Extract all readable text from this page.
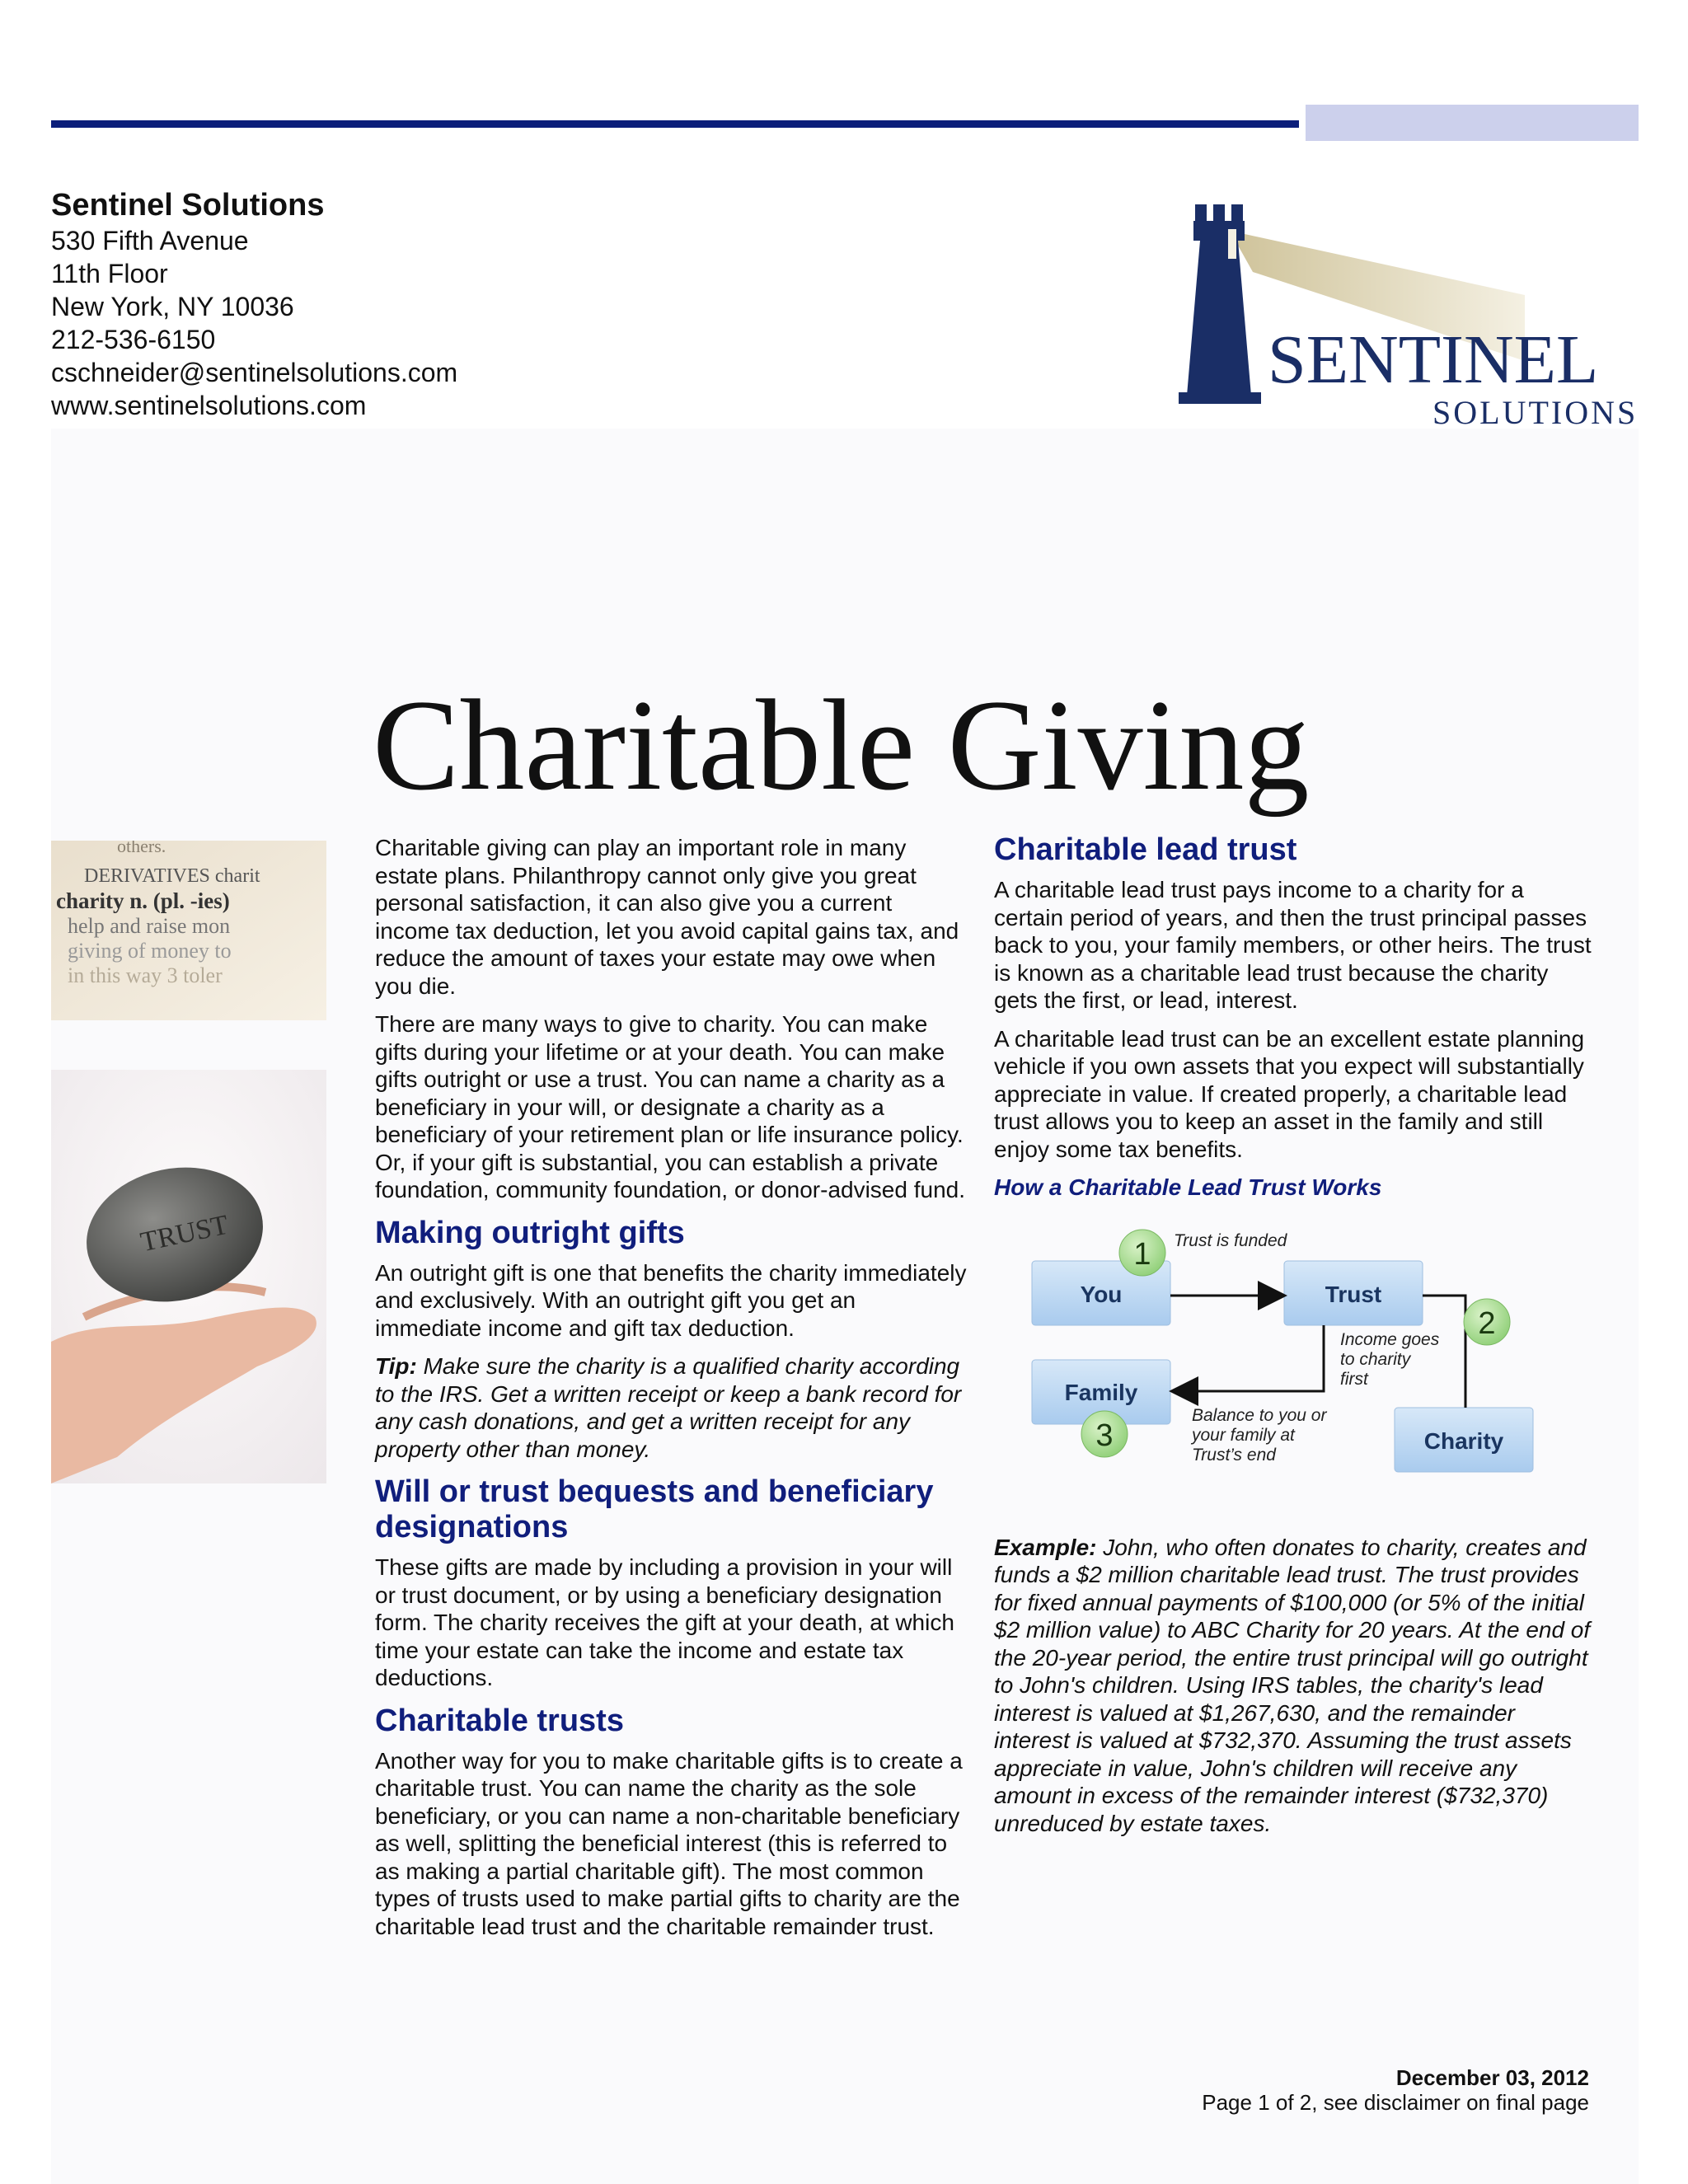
Sentinel Solutions
530 Fifth Avenue
11th Floor
New York, NY 10036
212-536-6150
cschneider@sentinelsolutions.com
www.sentinelsolutions.com
SENTINEL
SOLUTIONS
Charitable Giving
others.
DERIVATIVES charit
charity n. (pl. -ies)
help and raise mon
giving of money to
in this way 3 toler
TRUST

Charitable giving can play an important role in many estate plans. Philanthropy cannot only give you great personal satisfaction, it can also give you a current income tax deduction, let you avoid capital gains tax, and reduce the amount of taxes your estate may owe when you die.

There are many ways to give to charity. You can make gifts during your lifetime or at your death. You can make gifts outright or use a trust. You can name a charity as a beneficiary in your will, or designate a charity as a beneficiary of your retirement plan or life insurance policy. Or, if your gift is substantial, you can establish a private foundation, community foundation, or donor-advised fund.

Making outright gifts

An outright gift is one that benefits the charity immediately and exclusively. With an outright gift you get an immediate income and gift tax deduction.

Tip: Make sure the charity is a qualified charity according to the IRS. Get a written receipt or keep a bank record for any cash donations, and get a written receipt for any property other than money.

Will or trust bequests and beneficiary designations

These gifts are made by including a provision in your will or trust document, or by using a beneficiary designation form. The charity receives the gift at your death, at which time your estate can take the income and estate tax deductions.

Charitable trusts

Another way for you to make charitable gifts is to create a charitable trust. You can name the charity as the sole beneficiary, or you can name a non-charitable beneficiary as well, splitting the beneficial interest (this is referred to as making a partial charitable gift). The most common types of trusts used to make partial gifts to charity are the charitable lead trust and the charitable remainder trust.

Charitable lead trust

A charitable lead trust pays income to a charity for a certain period of years, and then the trust principal passes back to you, your family members, or other heirs. The trust is known as a charitable lead trust because the charity gets the first, or lead, interest.

A charitable lead trust can be an excellent estate planning vehicle if you own assets that you expect will substantially appreciate in value. If created properly, a charitable lead trust allows you to keep an asset in the family and still enjoy some tax benefits.

How a Charitable Lead Trust Works

Example: John, who often donates to charity, creates and funds a $2 million charitable lead trust. The trust provides for fixed annual payments of $100,000 (or 5% of the initial $2 million value) to ABC Charity for 20 years. At the end of the 20-year period, the entire trust principal will go outright to John's children. Using IRS tables, the charity's lead interest is valued at $1,267,630, and the remainder interest is valued at $732,370. Assuming the trust assets appreciate in value, John's children will receive any amount in excess of the remainder interest ($732,370) unreduced by estate taxes.

You	Trust
Family
Charity
1
2
3
Trust is funded
Income goes
to charity
first
Balance to you or
your family at
Trust’s end
December 03, 2012
Page 1 of 2, see disclaimer on final page
